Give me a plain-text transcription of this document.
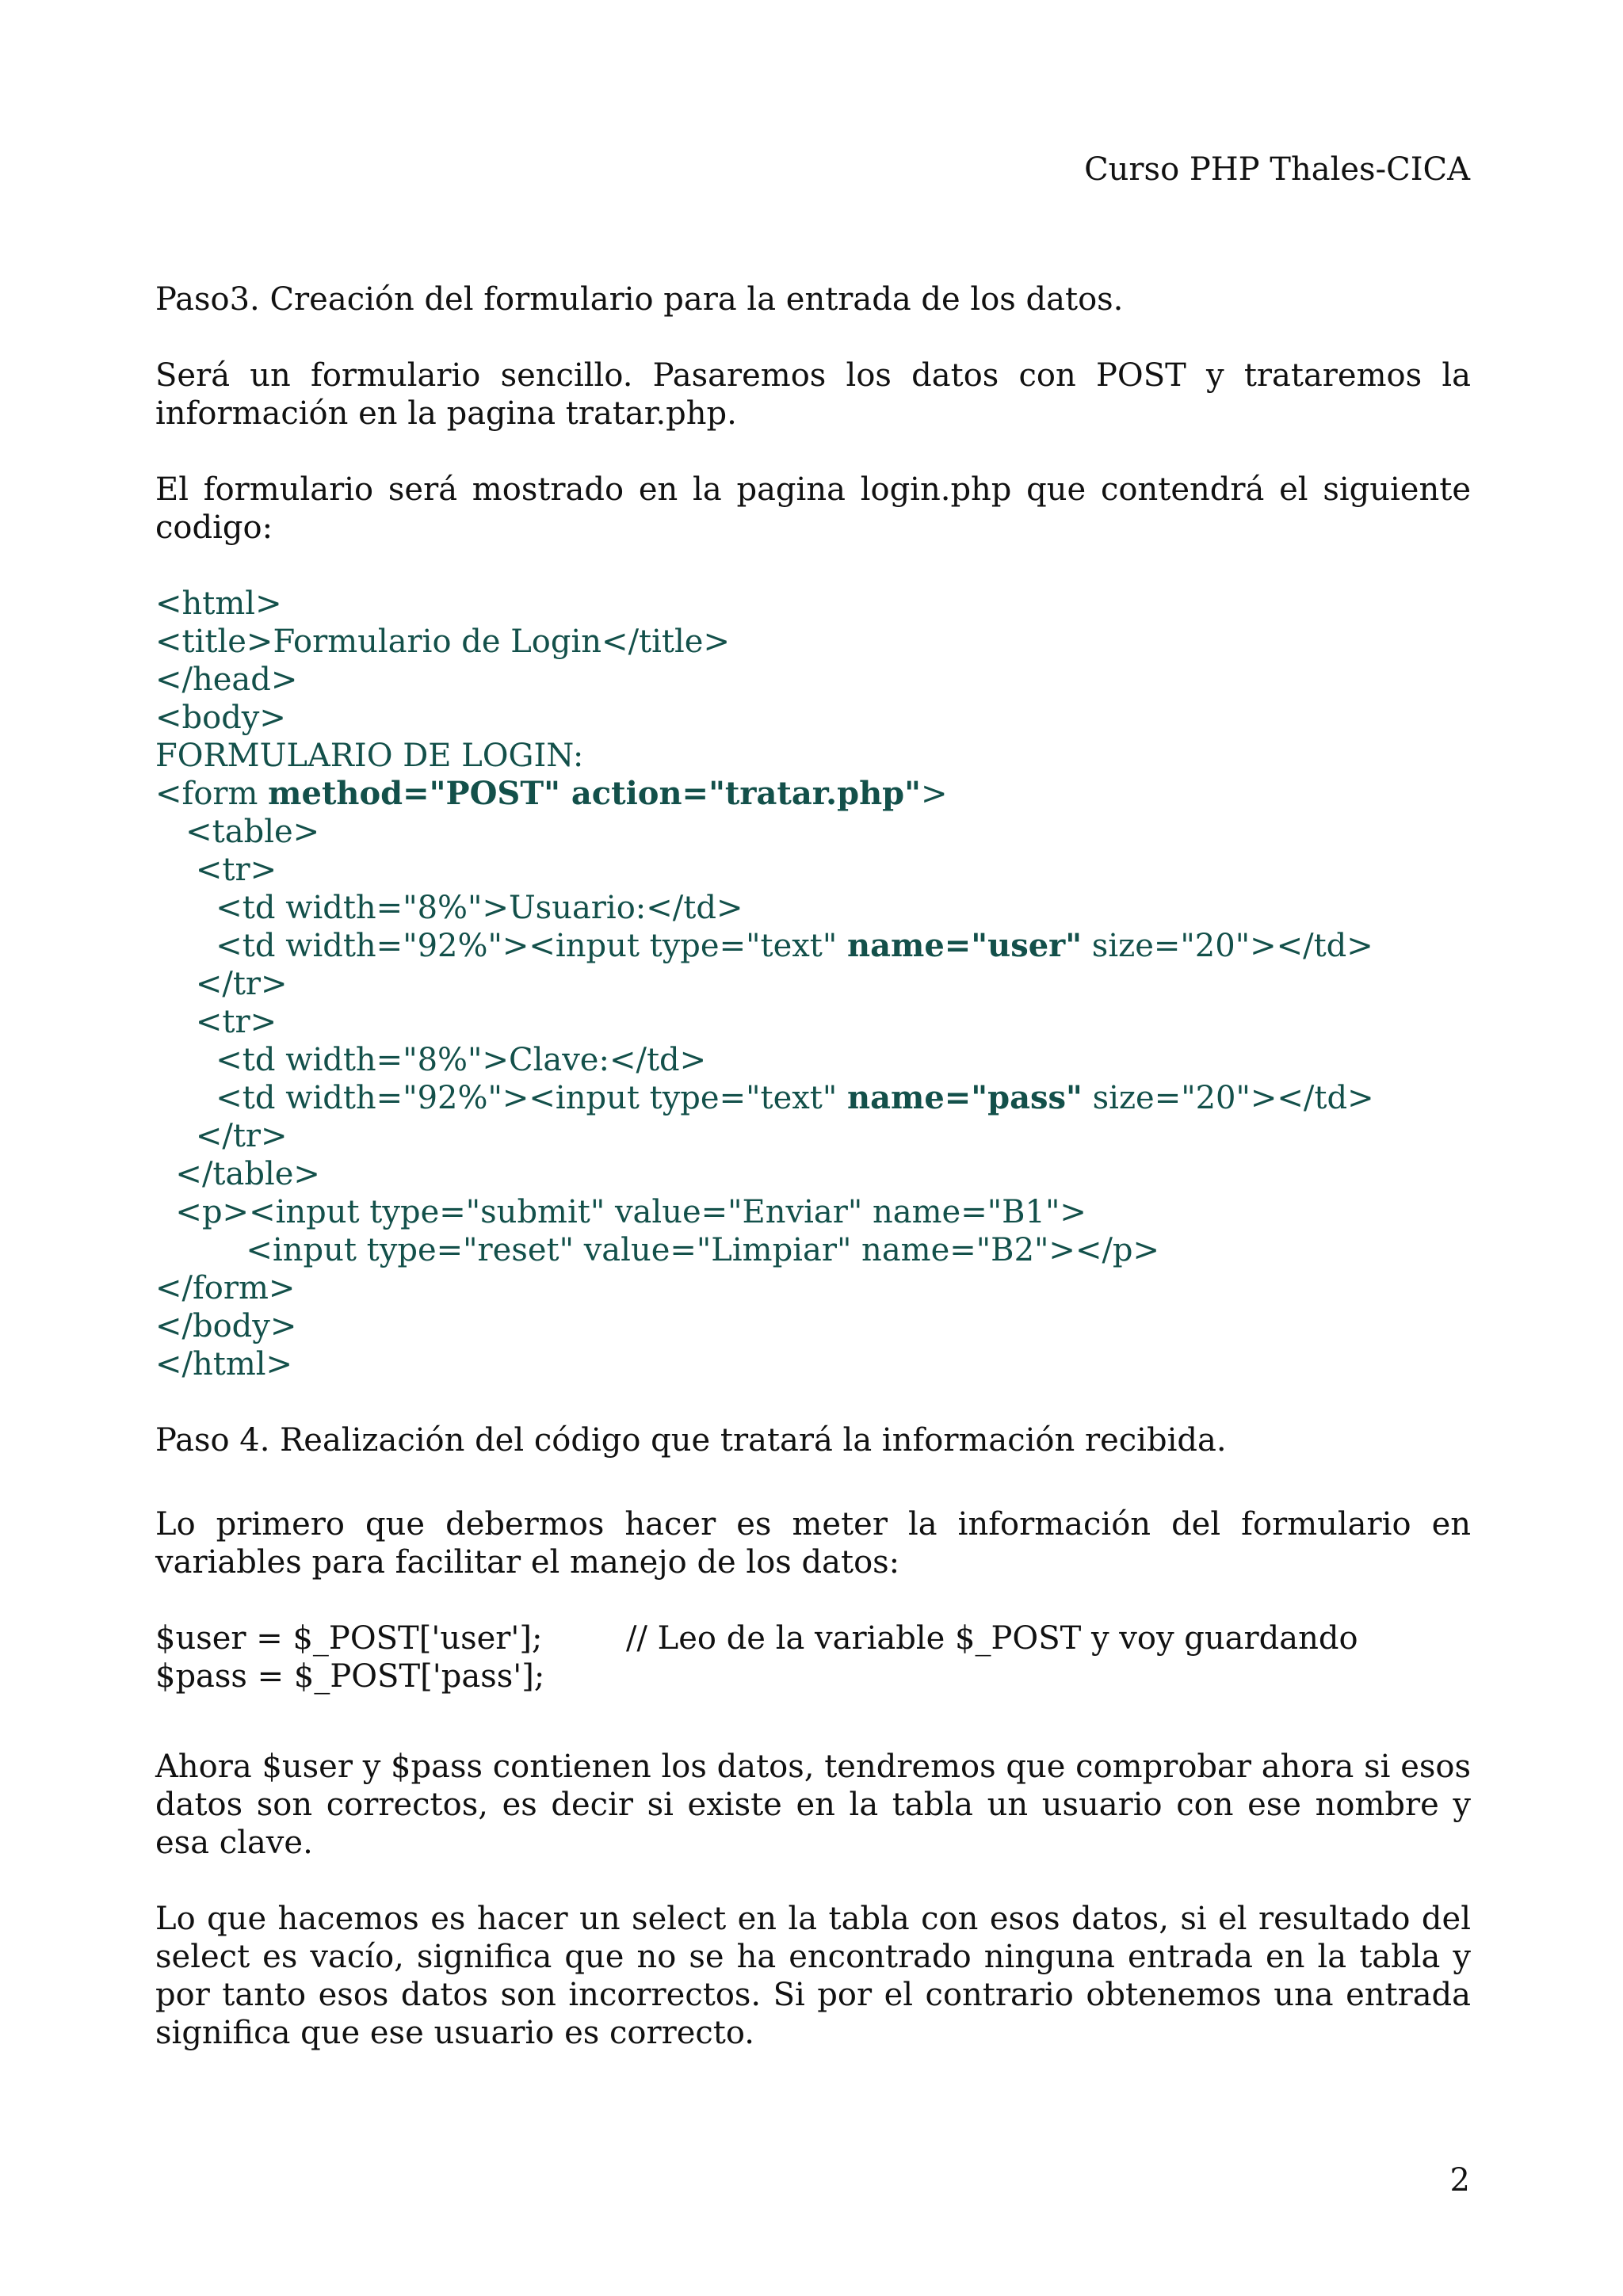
Curso PHP Thales-CICA

Paso3. Creación del formulario para la entrada de los datos.

Será un formulario sencillo. Pasaremos los datos con POST y trataremos la información en la pagina tratar.php.

El formulario será mostrado en la pagina login.php que contendrá el siguiente codigo:

<html>

<title>Formulario de Login</title>

</head>

<body>

FORMULARIO DE LOGIN:

<form method="POST" action="tratar.php">

<table>

<tr>

<td width="8%">Usuario:</td>

<td width="92%"><input type="text" name="user" size="20"></td>

</tr>

<tr>

<td width="8%">Clave:</td>

<td width="92%"><input type="text" name="pass" size="20"></td>

</tr>

</table>

<p><input type="submit" value="Enviar" name="B1">

<input type="reset" value="Limpiar" name="B2"></p>

</form>

</body>

</html>

Paso 4. Realización del código que tratará la información recibida.

Lo primero que debermos hacer es meter la información del formulario en variables para facilitar el manejo de los datos:

$user = $_POST['user'];	// Leo de la variable $_POST y voy guardando
$pass = $_POST['pass'];

Ahora $user y $pass contienen los datos, tendremos que comprobar ahora si esos datos son correctos, es decir si existe en la tabla un usuario con ese nombre y esa clave.

Lo que hacemos es hacer un select en la tabla con esos datos, si el resultado del select es vacío, significa que no se ha encontrado ninguna entrada en la tabla y por tanto esos datos son incorrectos. Si por el contrario obtenemos una entrada significa que ese usuario es correcto.

2
